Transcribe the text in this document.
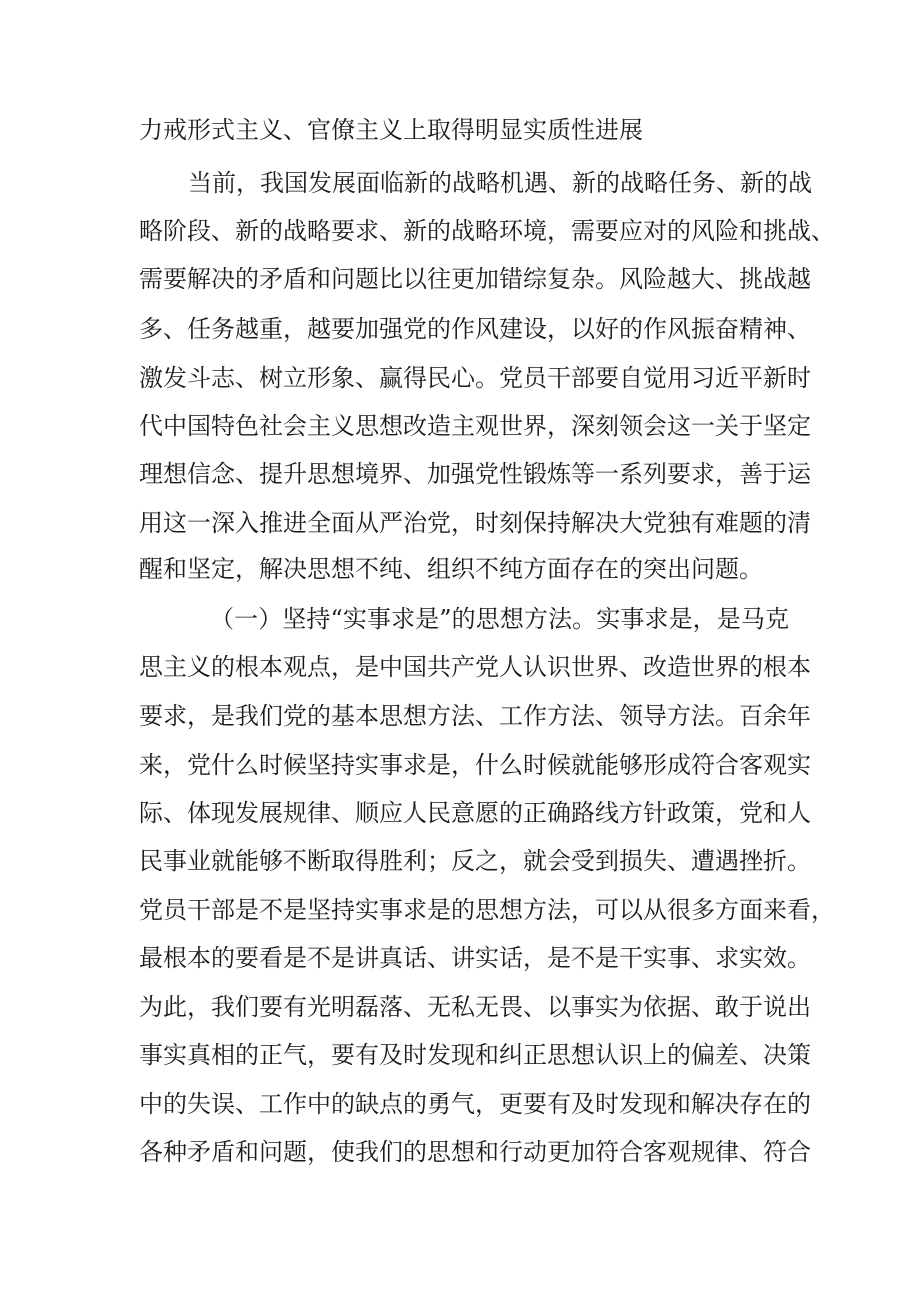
力戒形式主义、官僚主义上取得明显实质性进展
当前，我国发展面临新的战略机遇、新的战略任务、新的战
略阶段、新的战略要求、新的战略环境，需要应对的风险和挑战、
需要解决的矛盾和问题比以往更加错综复杂。风险越大、挑战越
多、任务越重，越要加强党的作风建设，以好的作风振奋精神、
激发斗志、树立形象、赢得民心。党员干部要自觉用习近平新时
代中国特色社会主义思想改造主观世界，深刻领会这一关于坚定
理想信念、提升思想境界、加强党性锻炼等一系列要求，善于运
用这一深入推进全面从严治党，时刻保持解决大党独有难题的清
醒和坚定，解决思想不纯、组织不纯方面存在的突出问题。
（一）坚持“实事求是”的思想方法。实事求是，是马克
思主义的根本观点，是中国共产党人认识世界、改造世界的根本
要求，是我们党的基本思想方法、工作方法、领导方法。百余年
来，党什么时候坚持实事求是，什么时候就能够形成符合客观实
际、体现发展规律、顺应人民意愿的正确路线方针政策，党和人
民事业就能够不断取得胜利；反之，就会受到损失、遭遇挫折。
党员干部是不是坚持实事求是的思想方法，可以从很多方面来看，
最根本的要看是不是讲真话、讲实话，是不是干实事、求实效。
为此，我们要有光明磊落、无私无畏、以事实为依据、敢于说出
事实真相的正气，要有及时发现和纠正思想认识上的偏差、决策
中的失误、工作中的缺点的勇气，更要有及时发现和解决存在的
各种矛盾和问题，使我们的思想和行动更加符合客观规律、符合
